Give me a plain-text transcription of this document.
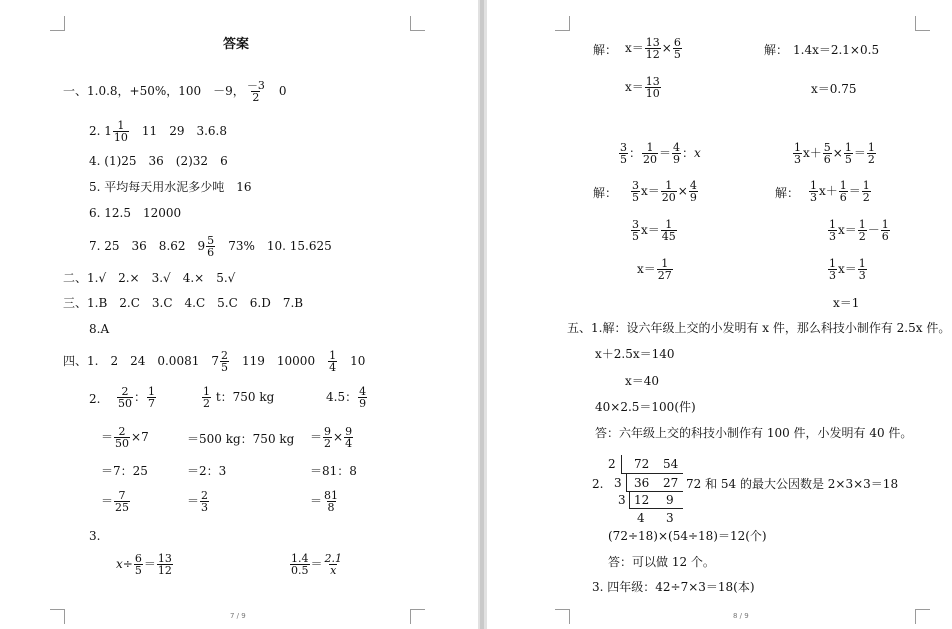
答案
一、1.0.8，+50%，100　－9， $\frac{-3}{2}$
　 0
2. $1 \frac{1}{10}$
　 11　29　3.6.8
4. (1)25　36　(2)32　6
5. 平均每天用水泥多少吨　16
6. 12.5　12000
7. 25　36　8.62　$9 \frac{5}{6}$
　 73%　10. 15.625
二、1.√　2.×　3.√　4.×　5.√
三、1.B　2.C　3.C　4.C　5.C　6.D　7.B
8.A
四、1.　2　24　0.0081　$7 \frac{2}{5}$
　 119　10000　 $\frac{1}{4}$
　 10
2. $\frac{2}{50}$ ： $\frac{1}{7}$	$\frac{1}{2}$ t：750 kg	4.5： $\frac{4}{9}$
＝ $\frac{2}{50} \times 7$	＝500 kg：750 kg ＝ $\frac{9}{2} \times \frac{9}{4}$
＝7：25	＝2：3	＝81：8
＝ $\frac{7}{25}$	＝ $\frac{2}{3}$	＝ $\frac{81}{8}$
3.
$x\div \frac{6}{5} = \frac{13}{12}$	$\frac{1.4}{0.5} = \frac{2.1}{x}$
7 / 9
解： $x= \frac{13}{12} \times \frac{6}{5}$	解： 1.4x＝2.1×0.5
$x= \frac{13}{10}$	x＝0.75
$\frac{3}{5}$ ： $\frac{1}{20} = \frac{4}{9}$ ：x	$\frac{1}{3} x+ \frac{5}{6} \times \frac{1}{5} = \frac{1}{2}$
解： $\frac{3}{5} x= \frac{1}{20} \times \frac{4}{9}$	解： $\frac{1}{3} x+ \frac{1}{6} = \frac{1}{2}$
$\frac{3}{5} x= \frac{1}{45}$	$\frac{1}{3} x= \frac{1}{2} - \frac{1}{6}$
$x= \frac{1}{27}$	$\frac{1}{3} x= \frac{1}{3}$
x＝1
五、1.解：设六年级上交的小发明有 x 件，那么科技小制作有 2.5x 件。
x＋2.5x＝140
x＝40
40×2.5＝100(件)
答：六年级上交的科技小制作有 100 件，小发明有 40 件。
2 72 54
3 36 27
3 12 9
4 3
2.	72 和 54 的最大公因数是 2×3×3＝18
(72÷18)×(54÷18)＝12(个)
答：可以做 12 个。
3. 四年级：42÷7×3＝18(本)
8 / 9
